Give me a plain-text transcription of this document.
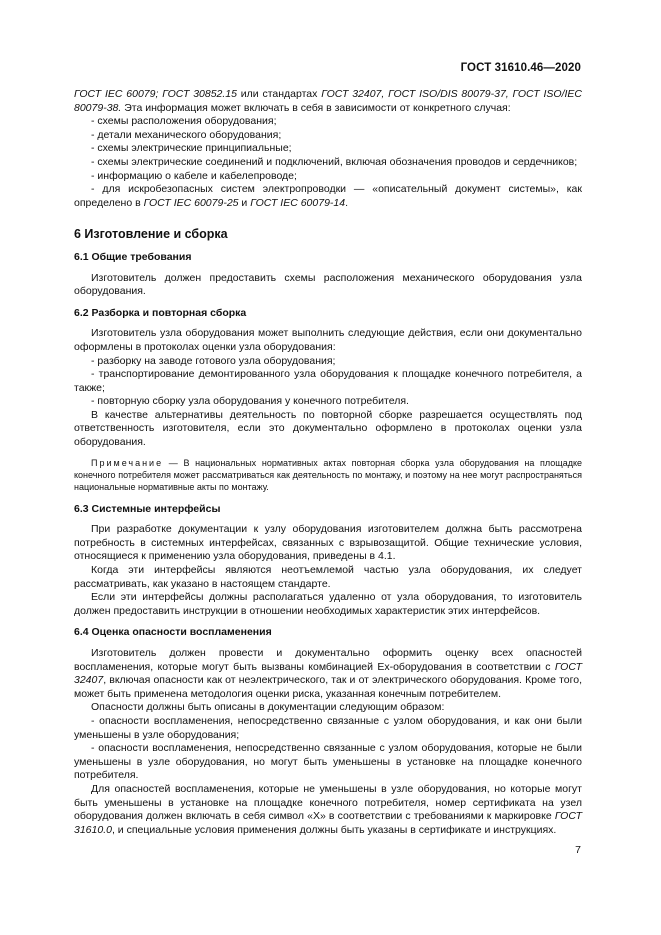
ГОСТ 31610.46—2020

ГОСТ IEC 60079; ГОСТ 30852.15 или стандартах ГОСТ 32407, ГОСТ ISO/DIS 80079-37, ГОСТ ISO/IEC 80079-38. Эта информация может включать в себя в зависимости от конкретного случая:

- схемы расположения оборудования;

- детали механического оборудования;

- схемы электрические принципиальные;

- схемы электрические соединений и подключений, включая обозначения проводов и сердечников;

- информацию о кабеле и кабелепроводе;

- для искробезопасных систем электропроводки — «описательный документ системы», как определено в ГОСТ IEC 60079-25 и ГОСТ IEC 60079-14.

6 Изготовление и сборка

6.1 Общие требования

Изготовитель должен предоставить схемы расположения механического оборудования узла оборудования.

6.2 Разборка и повторная сборка

Изготовитель узла оборудования может выполнить следующие действия, если они документально оформлены в протоколах оценки узла оборудования:

- разборку на заводе готового узла оборудования;

- транспортирование демонтированного узла оборудования к площадке конечного потребителя, а также;

- повторную сборку узла оборудования у конечного потребителя.

В качестве альтернативы деятельность по повторной сборке разрешается осуществлять под ответственность изготовителя, если это документально оформлено в протоколах оценки узла оборудования.

Примечание — В национальных нормативных актах повторная сборка узла оборудования на площадке конечного потребителя может рассматриваться как деятельность по монтажу, и поэтому на нее могут распространяться национальные нормативные акты по монтажу.

6.3 Системные интерфейсы

При разработке документации к узлу оборудования изготовителем должна быть рассмотрена потребность в системных интерфейсах, связанных с взрывозащитой. Общие технические условия, относящиеся к применению узла оборудования, приведены в 4.1.

Когда эти интерфейсы являются неотъемлемой частью узла оборудования, их следует рассматривать, как указано в настоящем стандарте.

Если эти интерфейсы должны располагаться удаленно от узла оборудования, то изготовитель должен предоставить инструкции в отношении необходимых характеристик этих интерфейсов.

6.4 Оценка опасности воспламенения

Изготовитель должен провести и документально оформить оценку всех опасностей воспламенения, которые могут быть вызваны комбинацией Ex-оборудования в соответствии с ГОСТ 32407, включая опасности как от неэлектрического, так и от электрического оборудования. Кроме того, может быть применена методология оценки риска, указанная конечным потребителем.

Опасности должны быть описаны в документации следующим образом:

- опасности воспламенения, непосредственно связанные с узлом оборудования, и как они были уменьшены в узле оборудования;

- опасности воспламенения, непосредственно связанные с узлом оборудования, которые не были уменьшены в узле оборудования, но могут быть уменьшены в установке на площадке конечного потребителя.

Для опасностей воспламенения, которые не уменьшены в узле оборудования, но которые могут быть уменьшены в установке на площадке конечного потребителя, номер сертификата на узел оборудования должен включать в себя символ «Х» в соответствии с требованиями к маркировке ГОСТ 31610.0, и специальные условия применения должны быть указаны в сертификате и инструкциях.

7
